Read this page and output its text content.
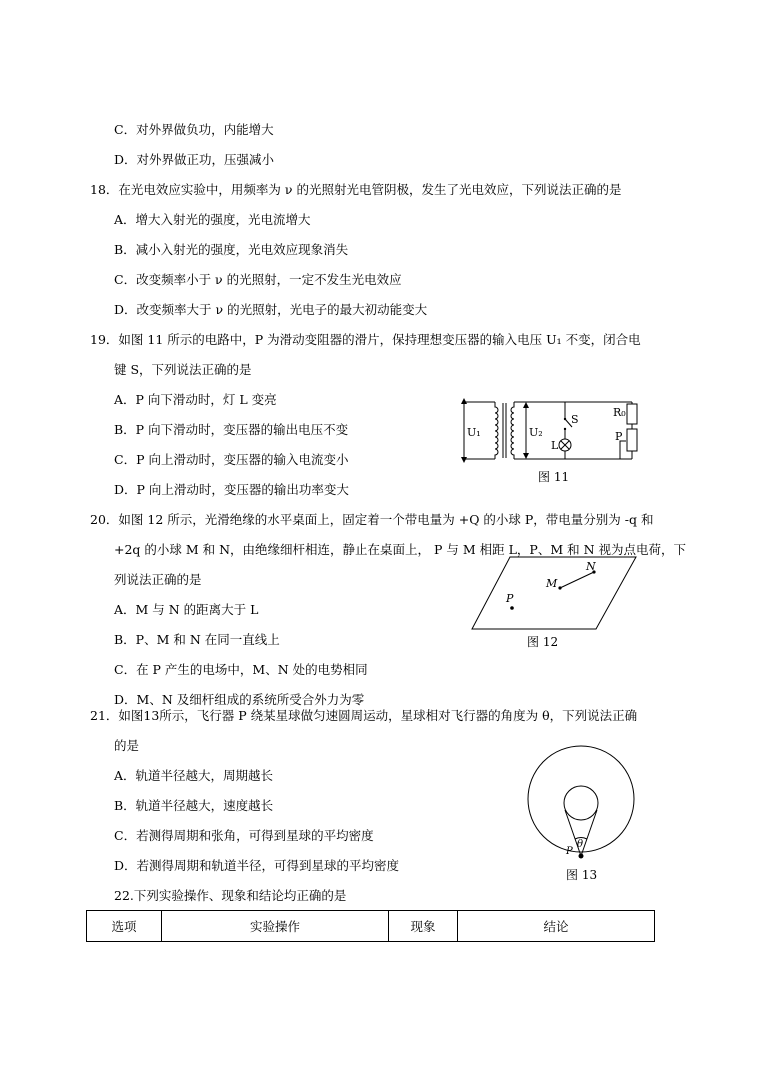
C．对外界做负功，内能增大
D．对外界做正功，压强减小
18．在光电效应实验中，用频率为 ν 的光照射光电管阴极，发生了光电效应，下列说法正确的是
A．增大入射光的强度，光电流增大
B．减小入射光的强度，光电效应现象消失
C．改变频率小于 ν 的光照射，一定不发生光电效应
D．改变频率大于 ν 的光照射，光电子的最大初动能变大
19．如图 11 所示的电路中，P 为滑动变阻器的滑片，保持理想变压器的输入电压 U₁ 不变，闭合电
键 S，下列说法正确的是
A．P 向下滑动时，灯 L 变亮
B．P 向下滑动时，变压器的输出电压不变
C．P 向上滑动时，变压器的输入电流变小
D．P 向上滑动时，变压器的输出功率变大
U₁	U₂
S
L
R₀
P
图 11
20．如图 12 所示，光滑绝缘的水平桌面上，固定着一个带电量为 +Q 的小球 P，带电量分别为 -q 和
+2q 的小球 M 和 N，由绝缘细杆相连，静止在桌面上， P 与 M 相距 L，P、M 和 N 视为点电荷，下
列说法正确的是
A．M 与 N 的距离大于 L
B．P、M 和 N 在同一直线上
C．在 P 产生的电场中，M、N 处的电势相同
D．M、N 及细杆组成的系统所受合外力为零
P
M
N
图 12
21．如图13所示，飞行器 P 绕某星球做匀速圆周运动，星球相对飞行器的角度为 θ，下列说法正确
的是
A．轨道半径越大，周期越长
B．轨道半径越大，速度越长
C．若测得周期和张角，可得到星球的平均密度
D．若测得周期和轨道半径，可得到星球的平均密度
P
θ
图 13
22.下列实验操作、现象和结论均正确的是
选项	实验操作	现象	结论
